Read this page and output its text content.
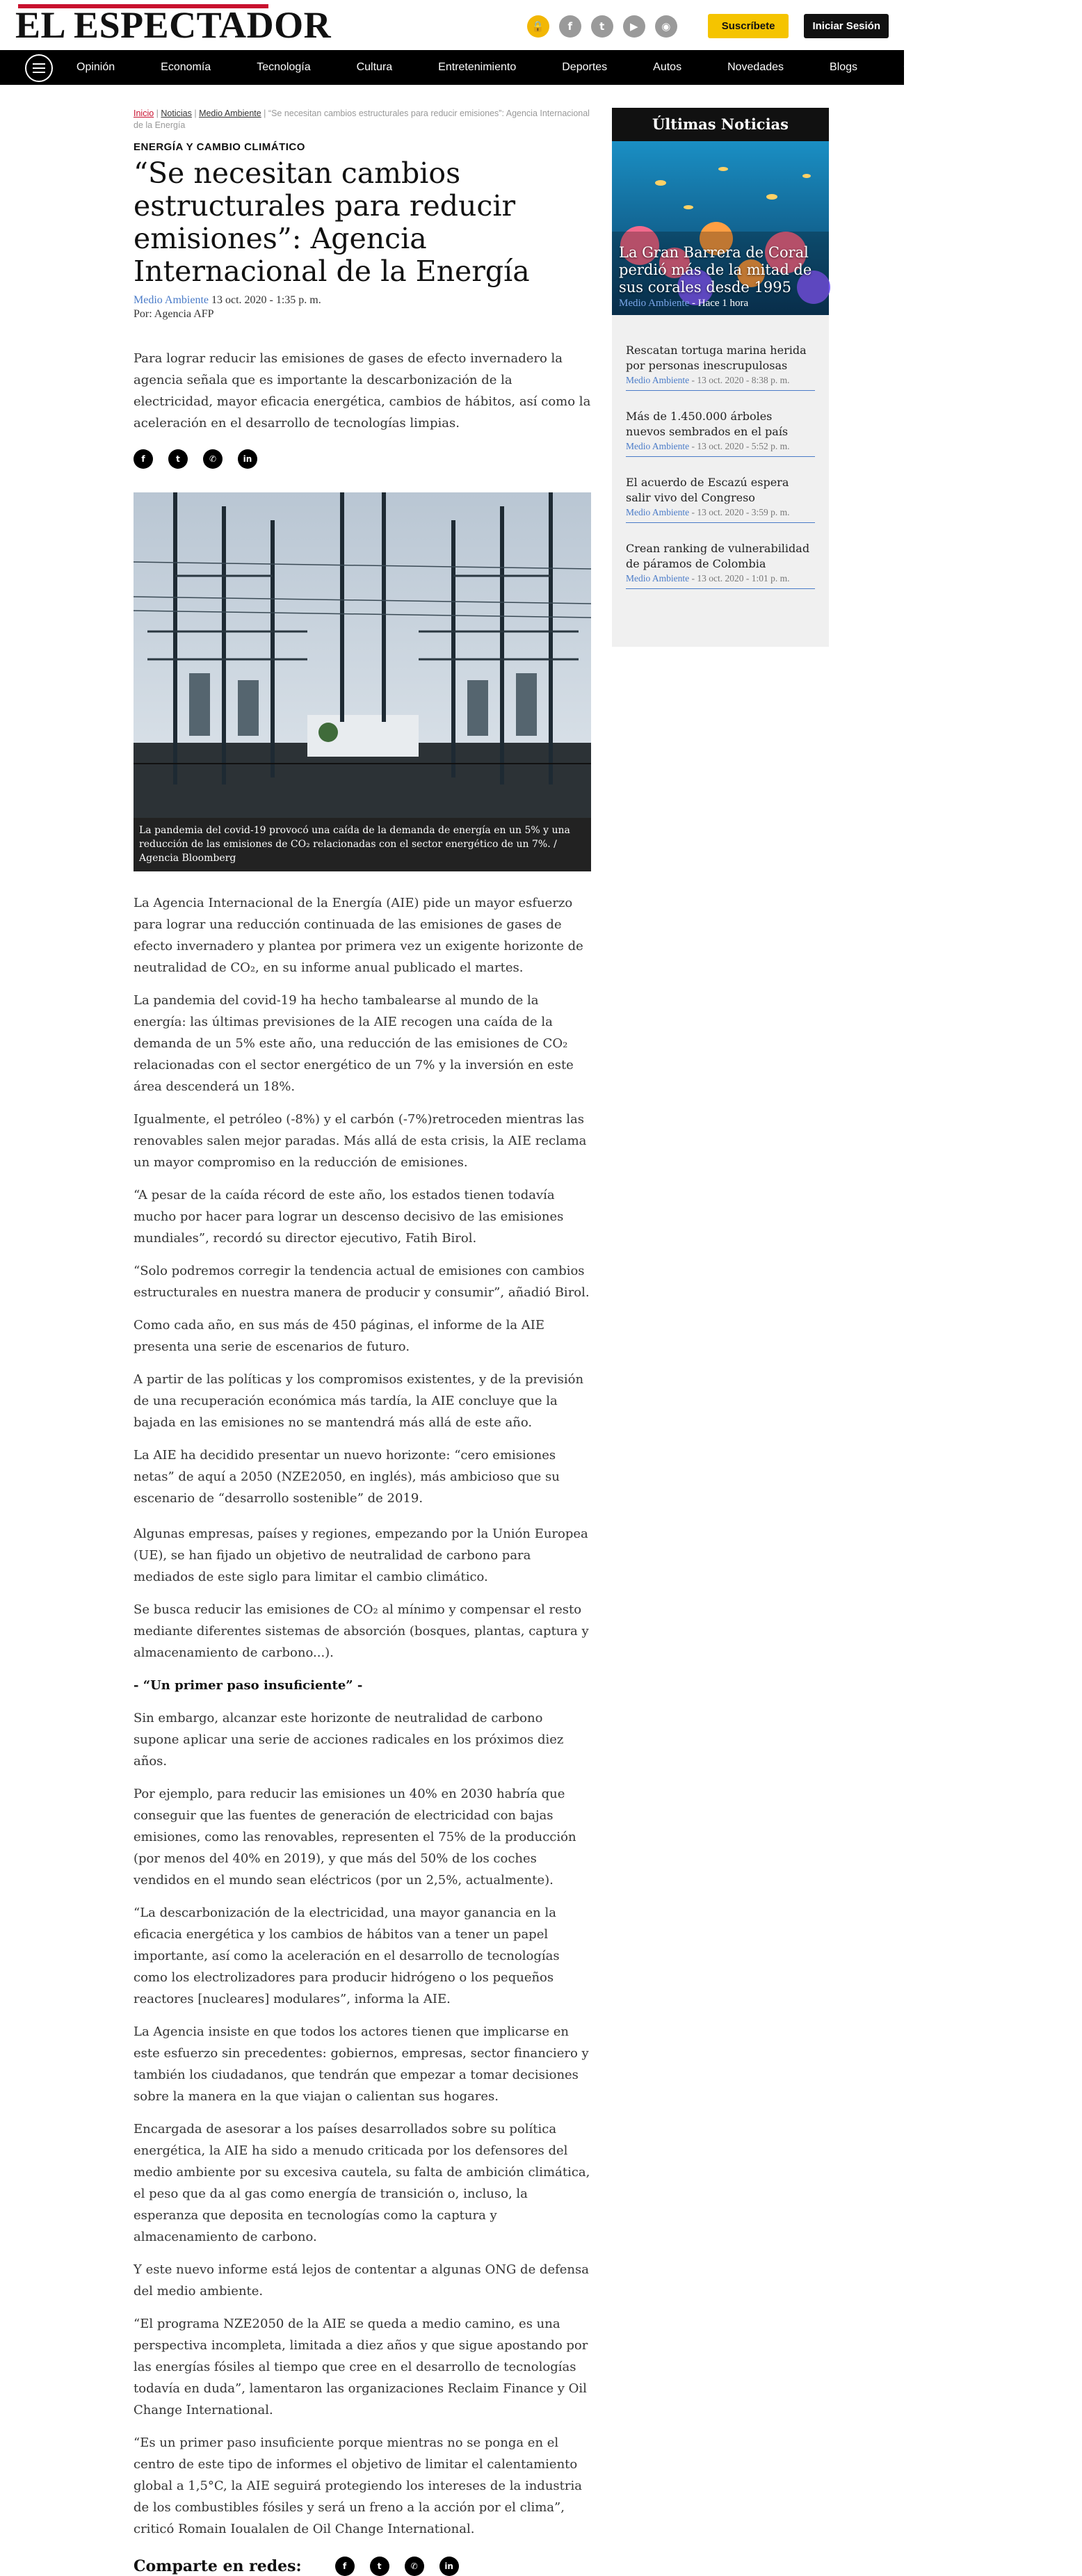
EL ESPECTADOR	🔒	f	t	▶	◉	Suscríbete	Iniciar Sesión
Opinión	Economía	Tecnología	Cultura	Entretenimiento	Deportes	Autos	Novedades	Blogs	Colombia 2020	Cr
Inicio | Noticias | Medio Ambiente | “Se necesitan cambios estructurales para reducir emisiones”: Agencia Internacional de la Energía
ENERGÍA Y CAMBIO CLIMÁTICO
“Se necesitan cambios estructurales para reducir emisiones”: Agencia Internacional de la Energía
Medio Ambiente 13 oct. 2020 - 1:35 p. m.
Por: Agencia AFP

Para lograr reducir las emisiones de gases de efecto invernadero la agencia señala que es importante la descarbonización de la electricidad, mayor eficacia energética, cambios de hábitos, así como la aceleración en el desarrollo de tecnologías limpias.

f	t	✆	in
La pandemia del covid-19 provocó una caída de la demanda de energía en un 5% y una reducción de las emisiones de CO₂ relacionadas con el sector energético de un 7%. / Agencia Bloomberg

La Agencia Internacional de la Energía (AIE) pide un mayor esfuerzo para lograr una reducción continuada de las emisiones de gases de efecto invernadero y plantea por primera vez un exigente horizonte de neutralidad de CO₂, en su informe anual publicado el martes.

La pandemia del covid-19 ha hecho tambalearse al mundo de la energía: las últimas previsiones de la AIE recogen una caída de la demanda de un 5% este año, una reducción de las emisiones de CO₂ relacionadas con el sector energético de un 7% y la inversión en este área descenderá un 18%.

Igualmente, el petróleo (-8%) y el carbón (-7%)retroceden mientras las renovables salen mejor paradas. Más allá de esta crisis, la AIE reclama un mayor compromiso en la reducción de emisiones.

“A pesar de la caída récord de este año, los estados tienen todavía mucho por hacer para lograr un descenso decisivo de las emisiones mundiales”, recordó su director ejecutivo, Fatih Birol.

“Solo podremos corregir la tendencia actual de emisiones con cambios estructurales en nuestra manera de producir y consumir”, añadió Birol.

Como cada año, en sus más de 450 páginas, el informe de la AIE presenta una serie de escenarios de futuro.

A partir de las políticas y los compromisos existentes, y de la previsión de una recuperación económica más tardía, la AIE concluye que la bajada en las emisiones no se mantendrá más allá de este año.

La AIE ha decidido presentar un nuevo horizonte: “cero emisiones netas” de aquí a 2050 (NZE2050, en inglés), más ambicioso que su escenario de “desarrollo sostenible” de 2019.

Algunas empresas, países y regiones, empezando por la Unión Europea (UE), se han fijado un objetivo de neutralidad de carbono para mediados de este siglo para limitar el cambio climático.

Se busca reducir las emisiones de CO₂ al mínimo y compensar el resto mediante diferentes sistemas de absorción (bosques, plantas, captura y almacenamiento de carbono...).

- “Un primer paso insuficiente” -

Sin embargo, alcanzar este horizonte de neutralidad de carbono supone aplicar una serie de acciones radicales en los próximos diez años.

Por ejemplo, para reducir las emisiones un 40% en 2030 habría que conseguir que las fuentes de generación de electricidad con bajas emisiones, como las renovables, representen el 75% de la producción (por menos del 40% en 2019), y que más del 50% de los coches vendidos en el mundo sean eléctricos (por un 2,5%, actualmente).

“La descarbonización de la electricidad, una mayor ganancia en la eficacia energética y los cambios de hábitos van a tener un papel importante, así como la aceleración en el desarrollo de tecnologías como los electrolizadores para producir hidrógeno o los pequeños reactores [nucleares] modulares”, informa la AIE.

La Agencia insiste en que todos los actores tienen que implicarse en este esfuerzo sin precedentes: gobiernos, empresas, sector financiero y también los ciudadanos, que tendrán que empezar a tomar decisiones sobre la manera en la que viajan o calientan sus hogares.

Encargada de asesorar a los países desarrollados sobre su política energética, la AIE ha sido a menudo criticada por los defensores del medio ambiente por su excesiva cautela, su falta de ambición climática, el peso que da al gas como energía de transición o, incluso, la esperanza que deposita en tecnologías como la captura y almacenamiento de carbono.

Y este nuevo informe está lejos de contentar a algunas ONG de defensa del medio ambiente.

“El programa NZE2050 de la AIE se queda a medio camino, es una perspectiva incompleta, limitada a diez años y que sigue apostando por las energías fósiles al tiempo que cree en el desarrollo de tecnologías todavía en duda”, lamentaron las organizaciones Reclaim Finance y Oil Change International.

“Es un primer paso insuficiente porque mientras no se ponga en el centro de este tipo de informes el objetivo de limitar el calentamiento global a 1,5°C, la AIE seguirá protegiendo los intereses de la industria de los combustibles fósiles y será un freno a la acción por el clima”, criticó Romain Ioualalen de Oil Change International.

Comparte en redes:	f	t	✆	in
Últimas Noticias
La Gran Barrera de Coral perdió más de la mitad de sus corales desde 1995
Medio Ambiente - Hace 1 hora
Rescatan tortuga marina herida por personas inescrupulosas
Medio Ambiente - 13 oct. 2020 - 8:38 p. m.
Más de 1.450.000 árboles nuevos sembrados en el país
Medio Ambiente - 13 oct. 2020 - 5:52 p. m.
El acuerdo de Escazú espera salir vivo del Congreso
Medio Ambiente - 13 oct. 2020 - 3:59 p. m.
Crean ranking de vulnerabilidad de páramos de Colombia
Medio Ambiente - 13 oct. 2020 - 1:01 p. m.
